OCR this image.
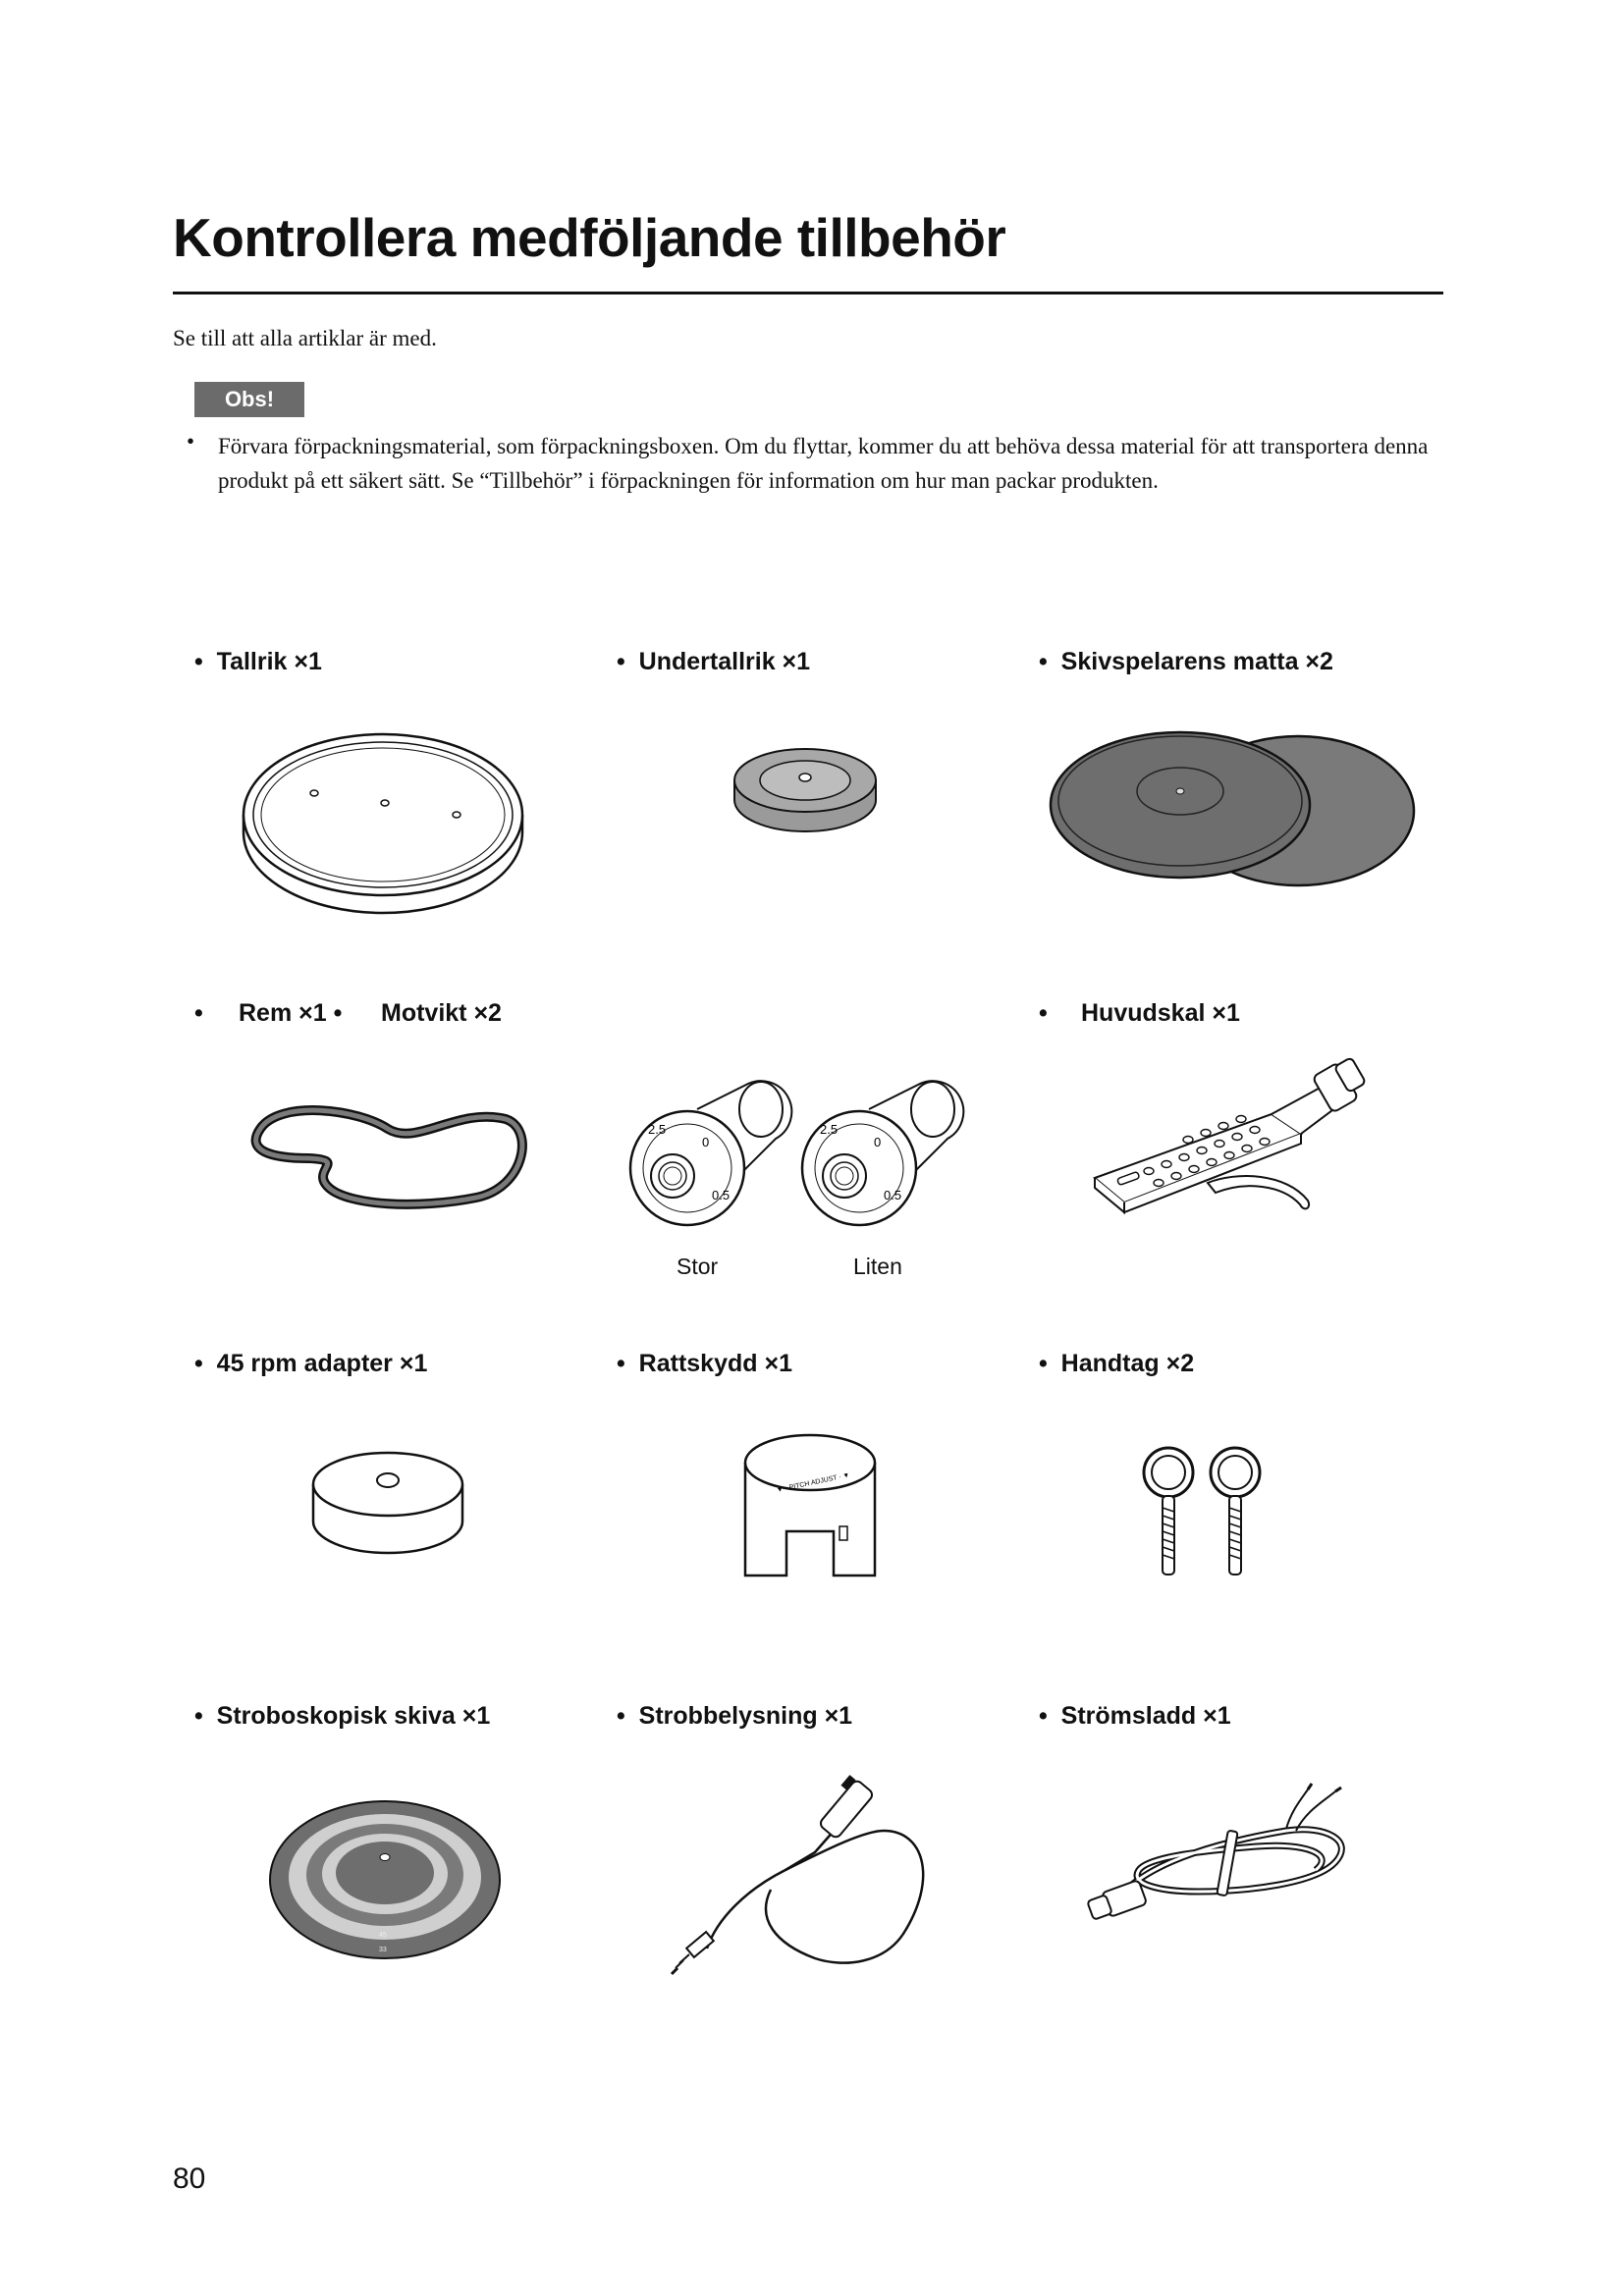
Kontrollera medföljande tillbehör
Se till att alla artiklar är med.
Obs!
• Förvara förpackningsmaterial, som förpackningsboxen. Om du flyttar, kommer du att behöva dessa material för att transportera denna produkt på ett säkert sätt. Se “Tillbehör” i förpackningen för information om hur man packar produkten.

• Tallrik ×1	• Undertallrik ×1	• Skivspelarens matta ×2
• Rem ×1 • Motvikt ×2	• Huvudskal ×1
2.5
0
0.5
2.5
0
0.5
Stor	Liten
• 45 rpm adapter ×1	• Rattskydd ×1	• Handtag ×2
▼ · PITCH ADJUST · ▼
• Stroboskopisk skiva ×1	• Strobbelysning ×1	• Strömsladd ×1
45
33
80
